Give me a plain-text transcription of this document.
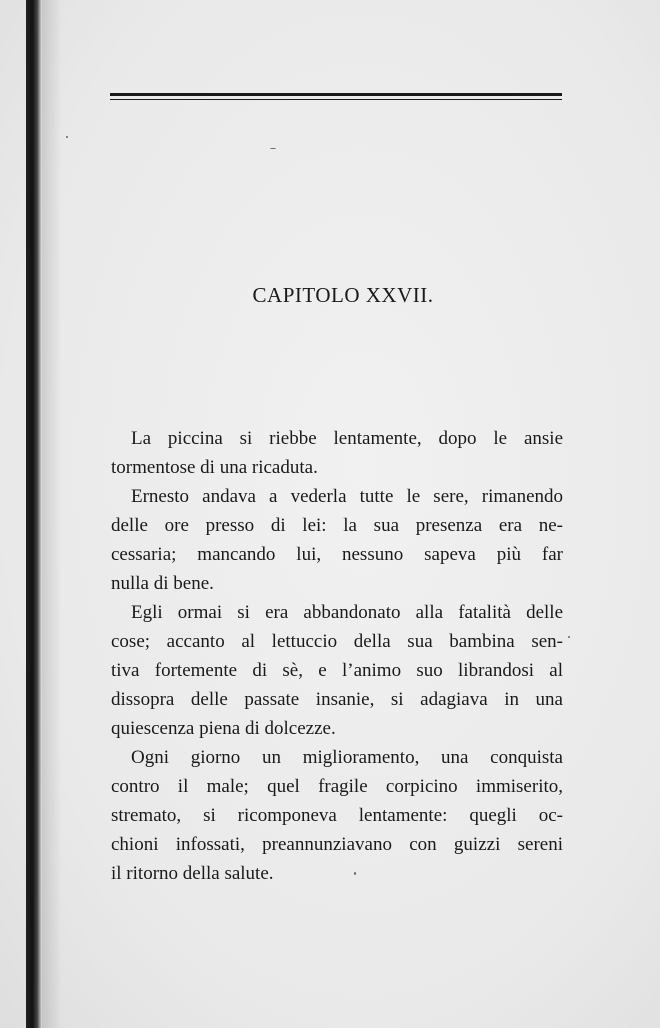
CAPITOLO XXVII.
La piccina si riebbe lentamente, dopo le ansie
tormentose di una ricaduta.
Ernesto andava a vederla tutte le sere, rimanendo
delle ore presso di lei: la sua presenza era ne-
cessaria; mancando lui, nessuno sapeva più far
nulla di bene.
Egli ormai si era abbandonato alla fatalità delle
cose; accanto al lettuccio della sua bambina sen-
tiva fortemente di sè, e l’animo suo librandosi al
dissopra delle passate insanie, si adagiava in una
quiescenza piena di dolcezze.
Ogni giorno un miglioramento, una conquista
contro il male; quel fragile corpicino immiserito,
stremato, si ricomponeva lentamente: quegli oc-
chioni infossati, preannunziavano con guizzi sereni
il ritorno della salute.
